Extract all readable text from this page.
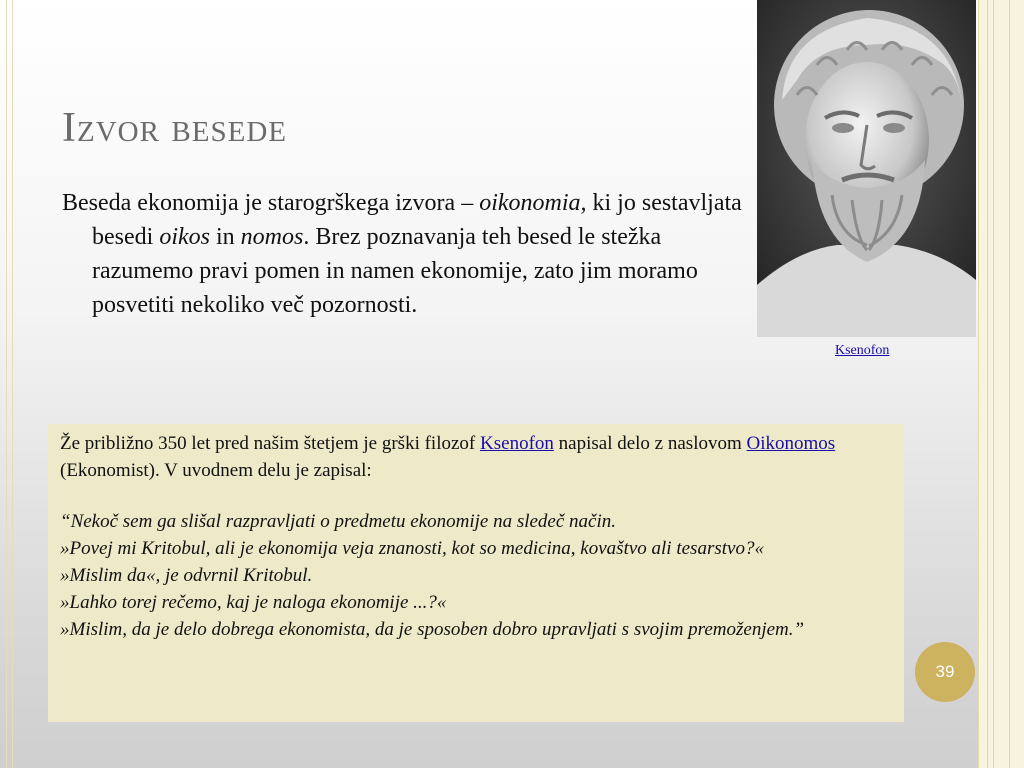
Izvor besede

Beseda ekonomija je starogrškega izvora – oikonomia, ki jo sestavljata besedi oikos in nomos. Brez poznavanja teh besed le stežka razumemo pravi pomen in namen ekonomije, zato jim moramo posvetiti nekoliko več pozornosti.

Ksenofon

Že približno 350 let pred našim štetjem je grški filozof Ksenofon napisal delo z naslovom Oikonomos (Ekonomist). V uvodnem delu je zapisal:

“Nekoč sem ga slišal razpravljati o predmetu ekonomije na sledeč način.

»Povej mi Kritobul, ali je ekonomija veja znanosti, kot so medicina, kovaštvo ali tesarstvo?«

»Mislim da«, je odvrnil Kritobul.

»Lahko torej rečemo, kaj je naloga ekonomije ...?«

»Mislim, da je delo dobrega ekonomista, da je sposoben dobro upravljati s svojim premoženjem.”

39
